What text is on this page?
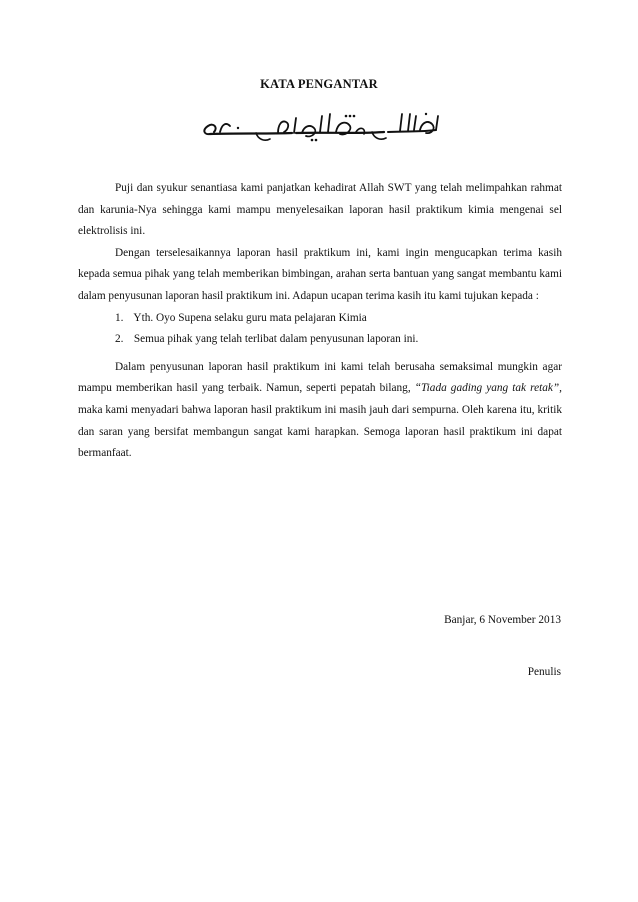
KATA PENGANTAR

Puji dan syukur senantiasa kami panjatkan kehadirat Allah SWT yang telah melimpahkan rahmat dan karunia-Nya sehingga kami mampu menyelesaikan laporan hasil praktikum kimia mengenai sel elektrolisis ini.

Dengan terselesaikannya laporan hasil praktikum ini, kami ingin mengucapkan terima kasih kepada semua pihak yang telah memberikan bimbingan, arahan serta bantuan yang sangat membantu kami dalam penyusunan laporan hasil praktikum ini. Adapun ucapan terima kasih itu kami tujukan kepada :

1. Yth. Oyo Supena selaku guru mata pelajaran Kimia
2. Semua pihak yang telah terlibat dalam penyusunan laporan ini.

Dalam penyusunan laporan hasil praktikum ini kami telah berusaha semaksimal mungkin agar mampu memberikan hasil yang terbaik. Namun, seperti pepatah bilang, “Tiada gading yang tak retak”, maka kami menyadari bahwa laporan hasil praktikum ini masih jauh dari sempurna. Oleh karena itu, kritik dan saran yang bersifat membangun sangat kami harapkan. Semoga laporan hasil praktikum ini dapat bermanfaat.

Banjar, 6 November 2013
Penulis
